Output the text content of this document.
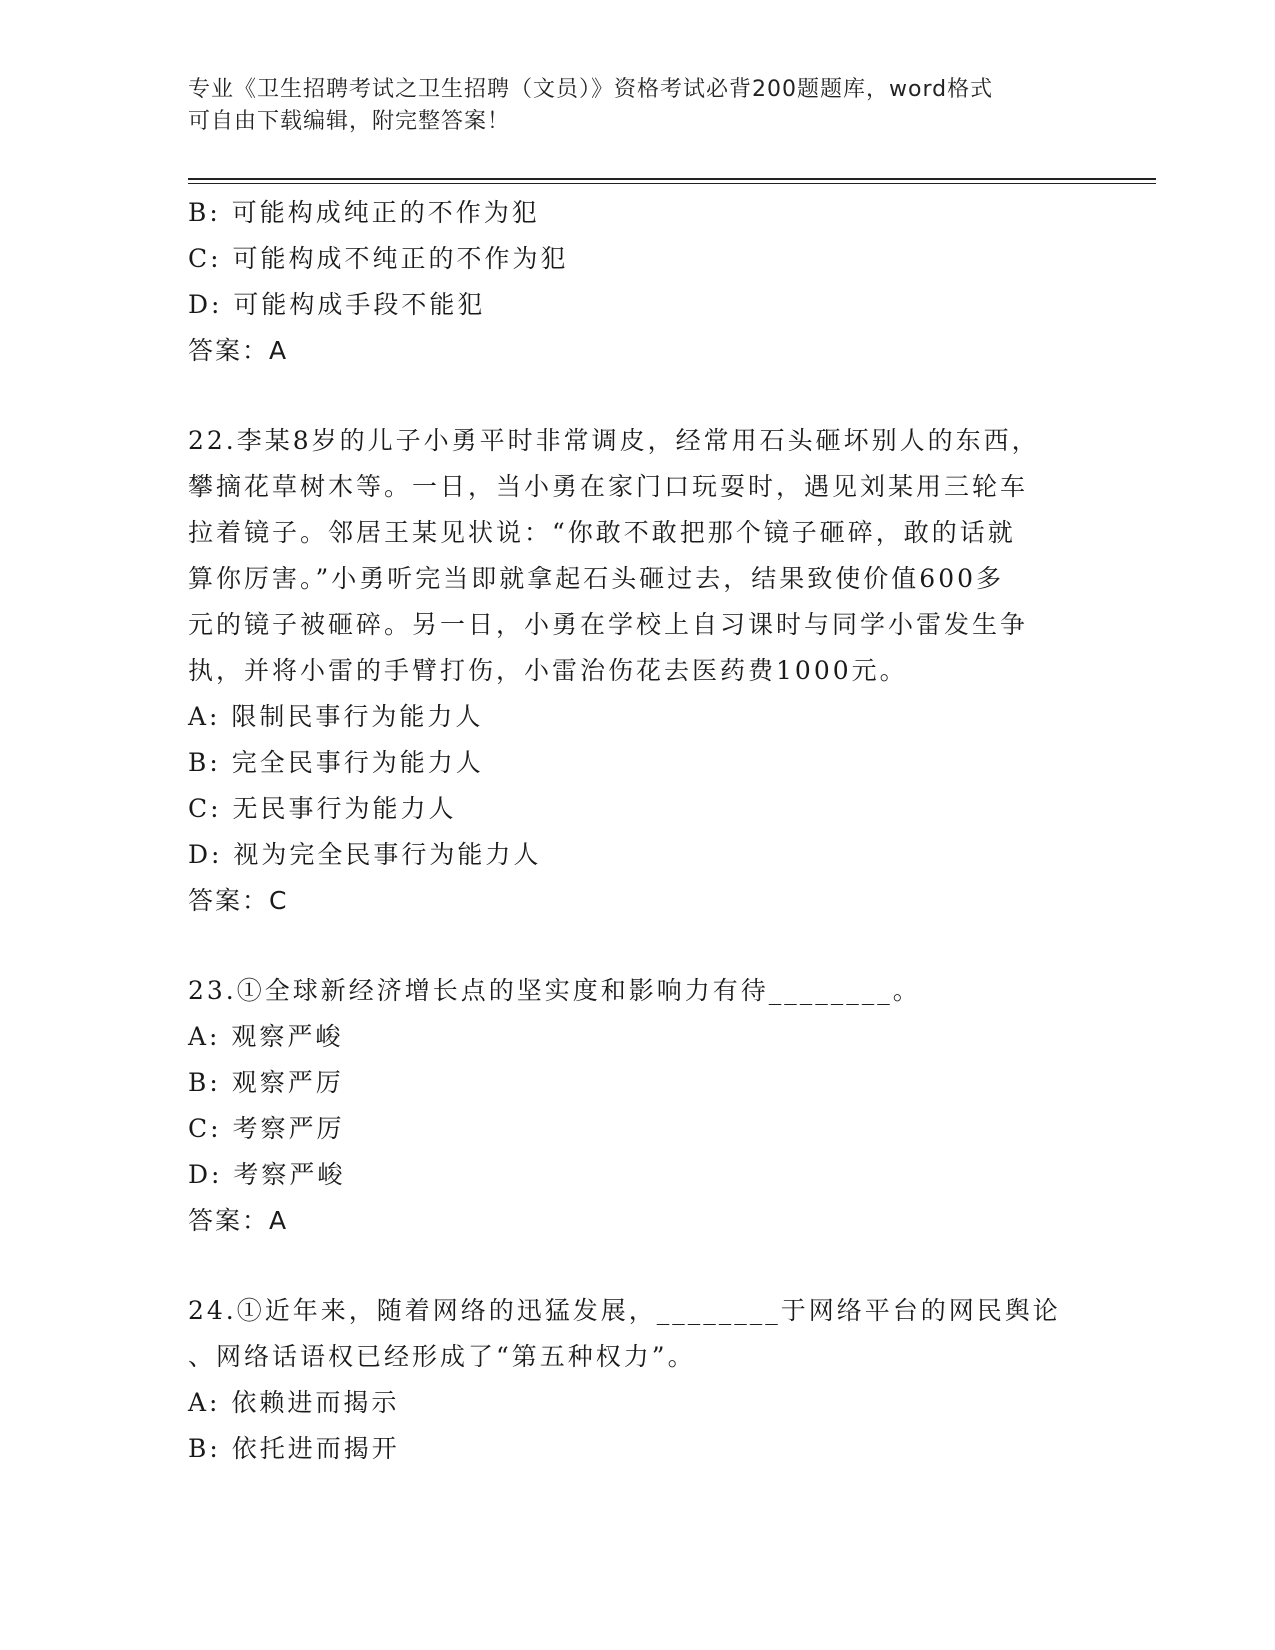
专业《卫生招聘考试之卫生招聘（文员）》资格考试必背200题题库，word格式
可自由下载编辑，附完整答案！
B: 可能构成纯正的不作为犯
C: 可能构成不纯正的不作为犯
D: 可能构成手段不能犯
答案：A
22.李某8岁的儿子小勇平时非常调皮，经常用石头砸坏别人的东西，
攀摘花草树木等。一日，当小勇在家门口玩耍时，遇见刘某用三轮车
拉着镜子。邻居王某见状说：“你敢不敢把那个镜子砸碎，敢的话就
算你厉害。”小勇听完当即就拿起石头砸过去，结果致使价值600多
元的镜子被砸碎。另一日，小勇在学校上自习课时与同学小雷发生争
执，并将小雷的手臂打伤，小雷治伤花去医药费1000元。
A: 限制民事行为能力人
B: 完全民事行为能力人
C: 无民事行为能力人
D: 视为完全民事行为能力人
答案：C
23.①全球新经济增长点的坚实度和影响力有待________。
A: 观察严峻
B: 观察严厉
C: 考察严厉
D: 考察严峻
答案：A
24.①近年来，随着网络的迅猛发展，________于网络平台的网民舆论
、网络话语权已经形成了“第五种权力”。
A: 依赖进而揭示
B: 依托进而揭开
